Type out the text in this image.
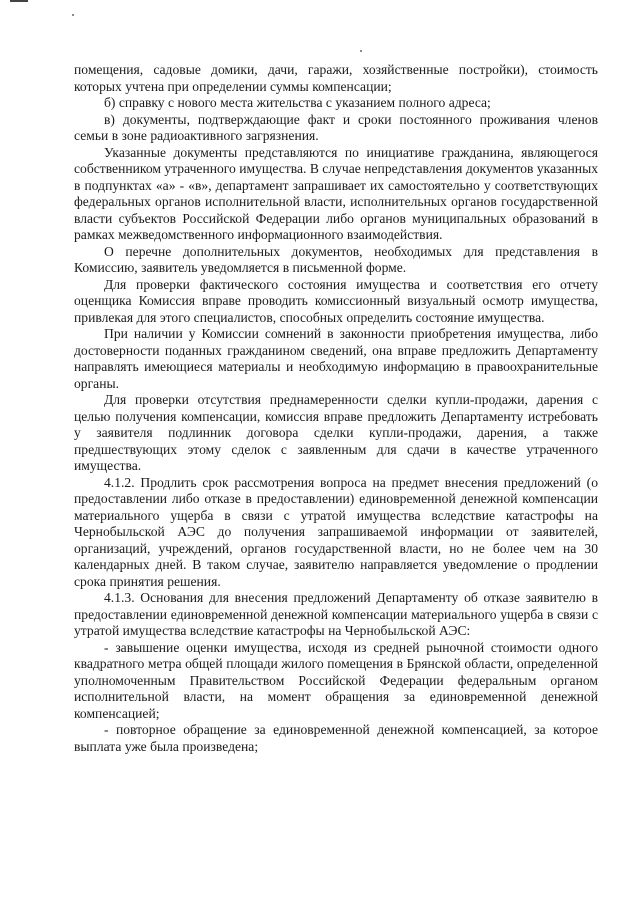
помещения, садовые домики, дачи, гаражи, хозяйственные постройки), стоимость которых учтена при определении суммы компенсации;

б) справку с нового места жительства с указанием полного адреса;

в) документы, подтверждающие факт и сроки постоянного проживания членов семьи в зоне радиоактивного загрязнения.

Указанные документы представляются по инициативе гражданина, являющегося собственником утраченного имущества. В случае непредставления документов указанных в подпунктах «а» - «в», департамент запрашивает их самостоятельно у соответствующих федеральных органов исполнительной власти, исполнительных органов государственной власти субъектов Российской Федерации либо органов муниципальных образований в рамках межведомственного информационного взаимодействия.

О перечне дополнительных документов, необходимых для представления в Комиссию, заявитель уведомляется в письменной форме.

Для проверки фактического состояния имущества и соответствия его отчету оценщика Комиссия вправе проводить комиссионный визуальный осмотр имущества, привлекая для этого специалистов, способных определить состояние имущества.

При наличии у Комиссии сомнений в законности приобретения имущества, либо достоверности поданных гражданином сведений, она вправе предложить Департаменту направлять имеющиеся материалы и необходимую информацию в правоохранительные органы.

Для проверки отсутствия преднамеренности сделки купли-продажи, дарения с целью получения компенсации, комиссия вправе предложить Департаменту истребовать у заявителя подлинник договора сделки купли-продажи, дарения, а также предшествующих этому сделок с заявленным для сдачи в качестве утраченного имущества.

4.1.2. Продлить срок рассмотрения вопроса на предмет внесения предложений (о предоставлении либо отказе в предоставлении) единовременной денежной компенсации материального ущерба в связи с утратой имущества вследствие катастрофы на Чернобыльской АЭС до получения запрашиваемой информации от заявителей, организаций, учреждений, органов государственной власти, но не более чем на 30 календарных дней. В таком случае, заявителю направляется уведомление о продлении срока принятия решения.

4.1.3. Основания для внесения предложений Департаменту об отказе заявителю в предоставлении единовременной денежной компенсации материального ущерба в связи с утратой имущества вследствие катастрофы на Чернобыльской АЭС:

- завышение оценки имущества, исходя из средней рыночной стоимости одного квадратного метра общей площади жилого помещения в Брянской области, определенной уполномоченным Правительством Российской Федерации федеральным органом исполнительной власти, на момент обращения за единовременной денежной компенсацией;

- повторное обращение за единовременной денежной компенсацией, за которое выплата уже была произведена;
